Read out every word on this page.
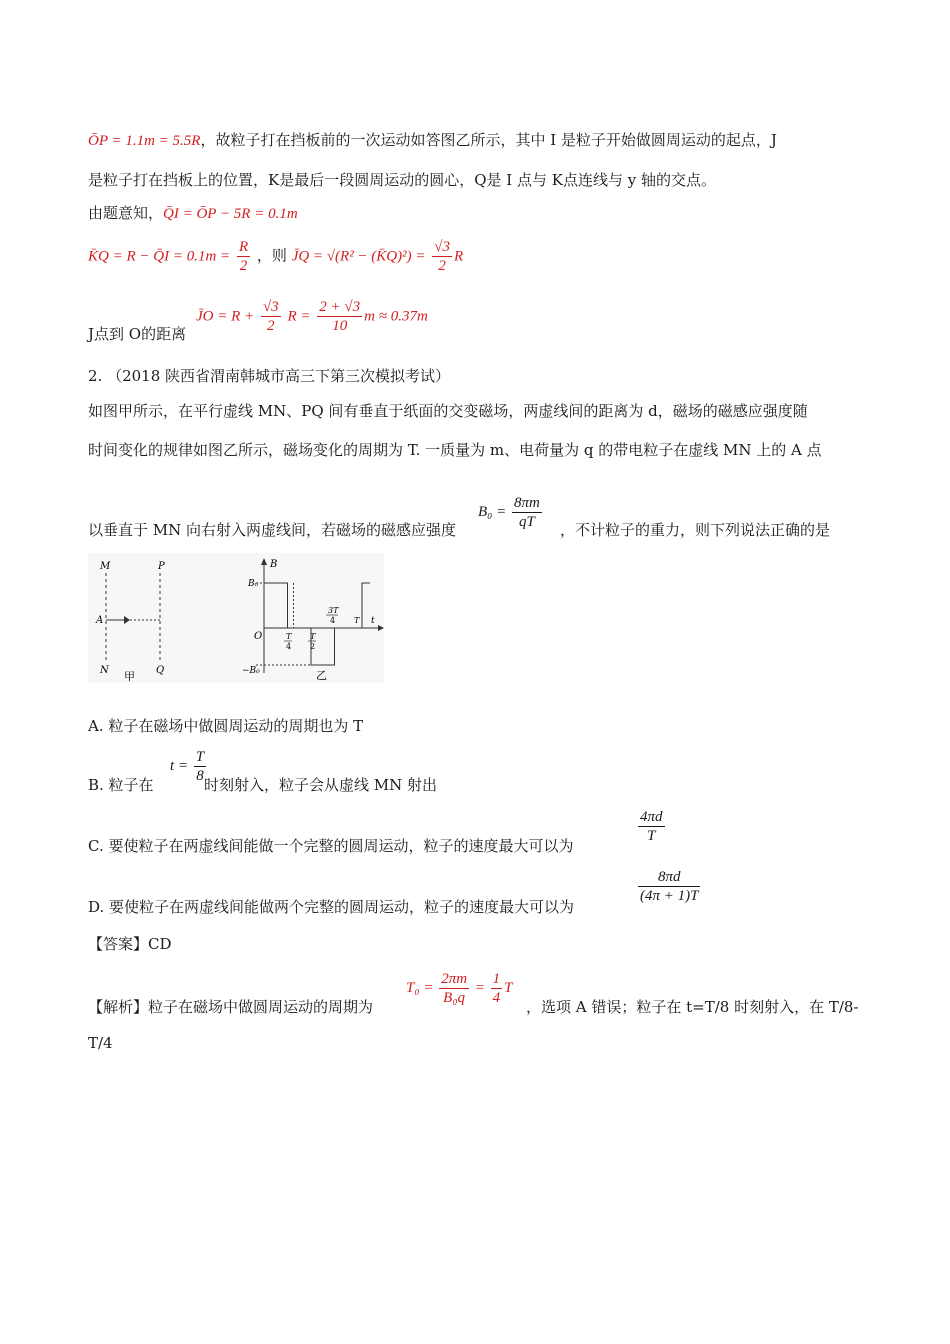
ŌP = 1.1m = 5.5R，故粒子打在挡板前的一次运动如答图乙所示，其中 I 是粒子开始做圆周运动的起点，J
是粒子打在挡板上的位置，K是最后一段圆周运动的圆心，Q是 I 点与 K点连线与 y 轴的交点。
由题意知，Q̄I = ŌP − 5R = 0.1m
K̄Q = R − Q̄I = $0.1m = \frac{R}{2}$ ，则 J̄Q = √(R² − (K̄Q)²) = $\frac{√3}{2}$ R
J点到 O的距离
J̄O = $R + \frac{√3}{2}$ $R = \frac{2 + √3}{10}$ m ≈ 0.37m
2. （2018 陕西省渭南韩城市高三下第三次模拟考试）
如图甲所示，在平行虚线 MN、PQ 间有垂直于纸面的交变磁场，两虚线间的距离为 d，磁场的磁感应强度随
时间变化的规律如图乙所示，磁场变化的周期为 T. 一质量为 m、电荷量为 q 的带电粒子在虚线 MN 上的 A 点
以垂直于 MN 向右射入两虚线间，若磁场的磁感应强度
$B_0 = \frac{8\pi m}{qT}$ ，不计粒子的重力，则下列说法正确的是
M	P
A
N	Q
甲
B
B₀
−B₀
O
t
T
4
T
2
3T
4 T
乙
A. 粒子在磁场中做圆周运动的周期也为 T
B. 粒子在
$t = \frac{T}{8}$
时刻射入，粒子会从虚线 MN 射出
C. 要使粒子在两虚线间能做一个完整的圆周运动，粒子的速度最大可以为
$\frac{4\pi d}{T}$
D. 要使粒子在两虚线间能做两个完整的圆周运动，粒子的速度最大可以为
$\frac{8\pi d}{(4\pi + 1)T}$
【答案】CD
【解析】粒子在磁场中做圆周运动的周期为
$T_0 = \frac{2\pi m}{\text{B₀q}} = \frac{1}{4}$ T
，选项 A 错误；粒子在 t=T/8 时刻射入，在 T/8-
T/4
